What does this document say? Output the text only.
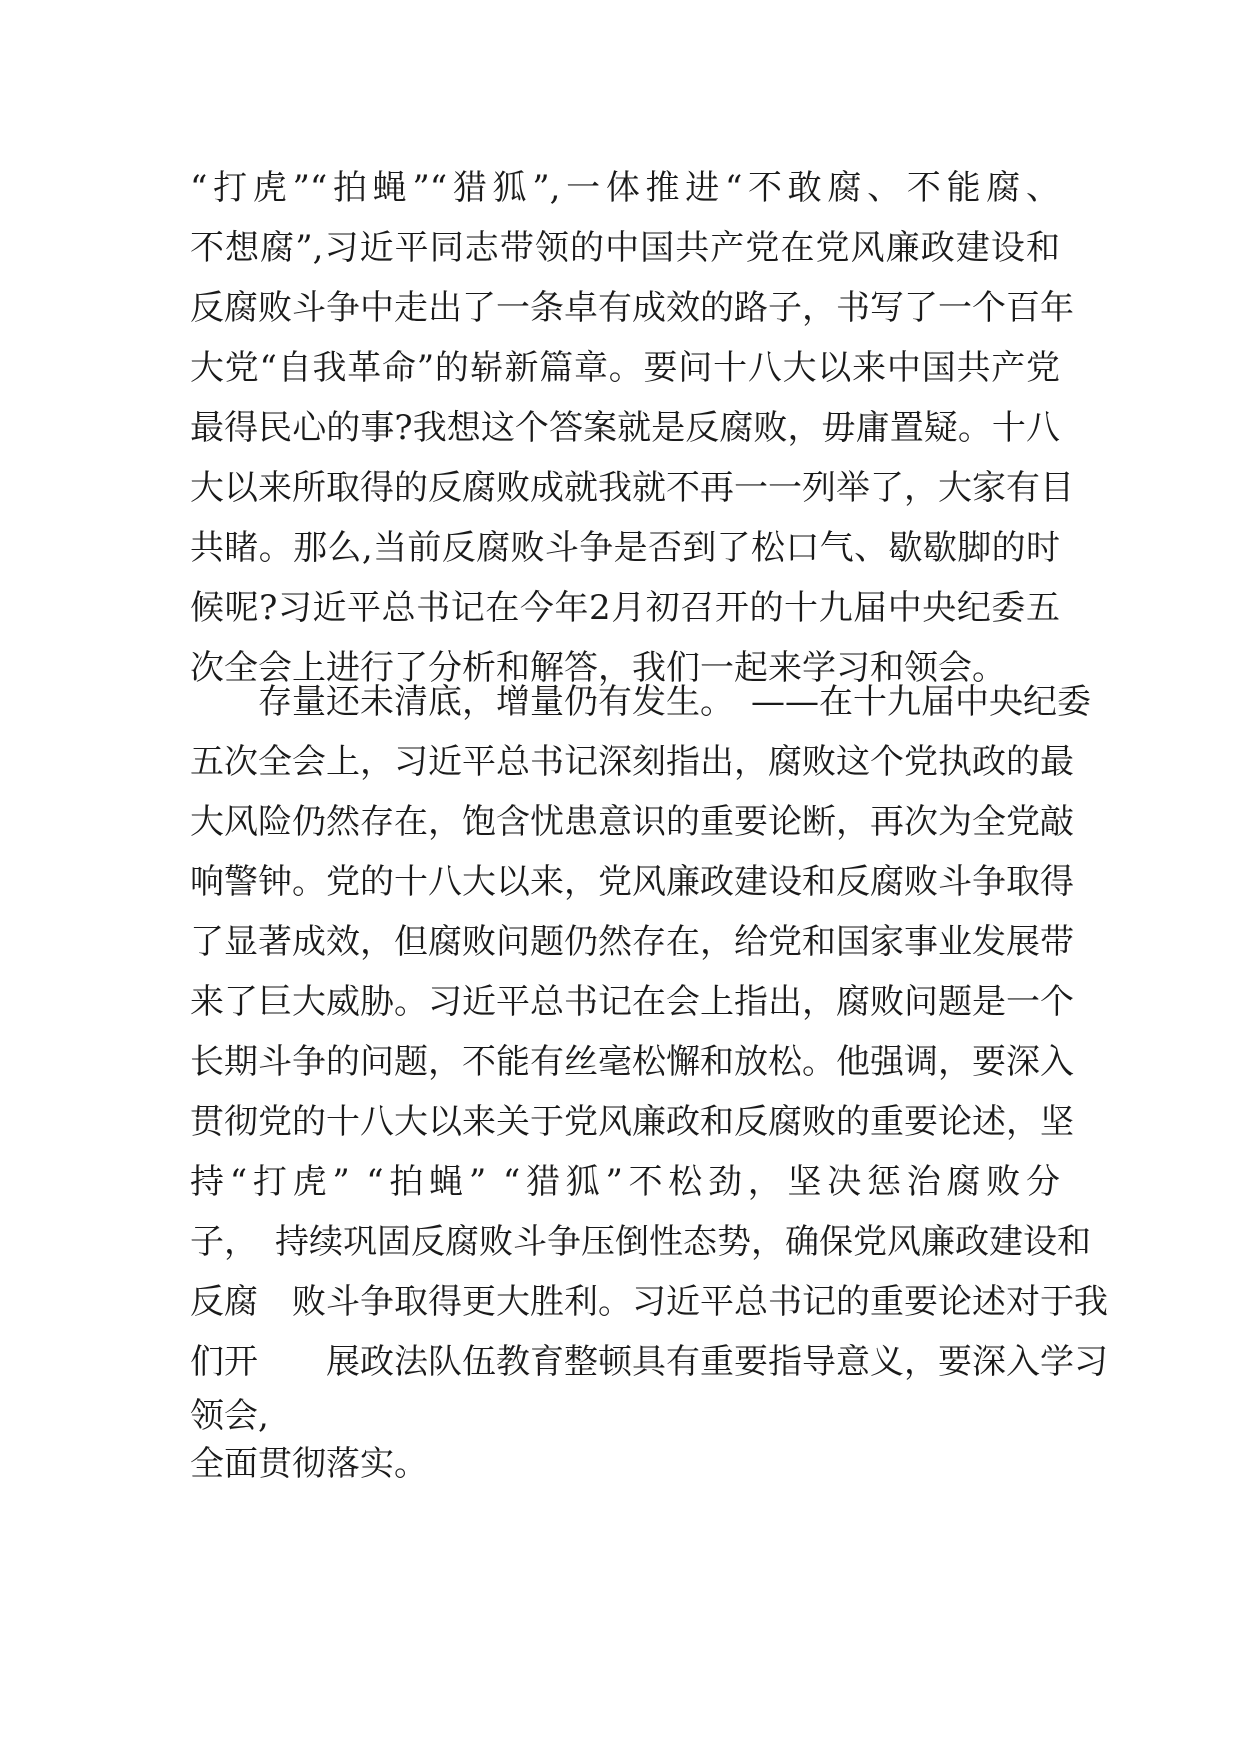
“打虎”“拍蝇”“猎狐”,一体推进“不敢腐、不能腐、
不想腐”,习近平同志带领的中国共产党在党风廉政建设和
反腐败斗争中走出了一条卓有成效的路子，书写了一个百年
大党“自我革命”的崭新篇章。要问十八大以来中国共产党
最得民心的事?我想这个答案就是反腐败，毋庸置疑。十八
大以来所取得的反腐败成就我就不再一一列举了，大家有目
共睹。那么,当前反腐败斗争是否到了松口气、歇歇脚的时
候呢?习近平总书记在今年2月初召开的十九届中央纪委五
次全会上进行了分析和解答，我们一起来学习和领会。
存量还未清底，增量仍有发生。　——在十九届中央纪委
五次全会上，习近平总书记深刻指出，腐败这个党执政的最
大风险仍然存在，饱含忧患意识的重要论断，再次为全党敲
响警钟。党的十八大以来，党风廉政建设和反腐败斗争取得
了显著成效，但腐败问题仍然存在，给党和国家事业发展带
来了巨大威胁。习近平总书记在会上指出，腐败问题是一个
长期斗争的问题，不能有丝毫松懈和放松。他强调，要深入
贯彻党的十八大以来关于党风廉政和反腐败的重要论述，坚
持“打虎” “拍蝇” “猎狐”不松劲，坚决惩治腐败分
子，　持续巩固反腐败斗争压倒性态势，确保党风廉政建设和
反腐　败斗争取得更大胜利。习近平总书记的重要论述对于我
们开　　展政法队伍教育整顿具有重要指导意义，要深入学习
领会,
全面贯彻落实。
